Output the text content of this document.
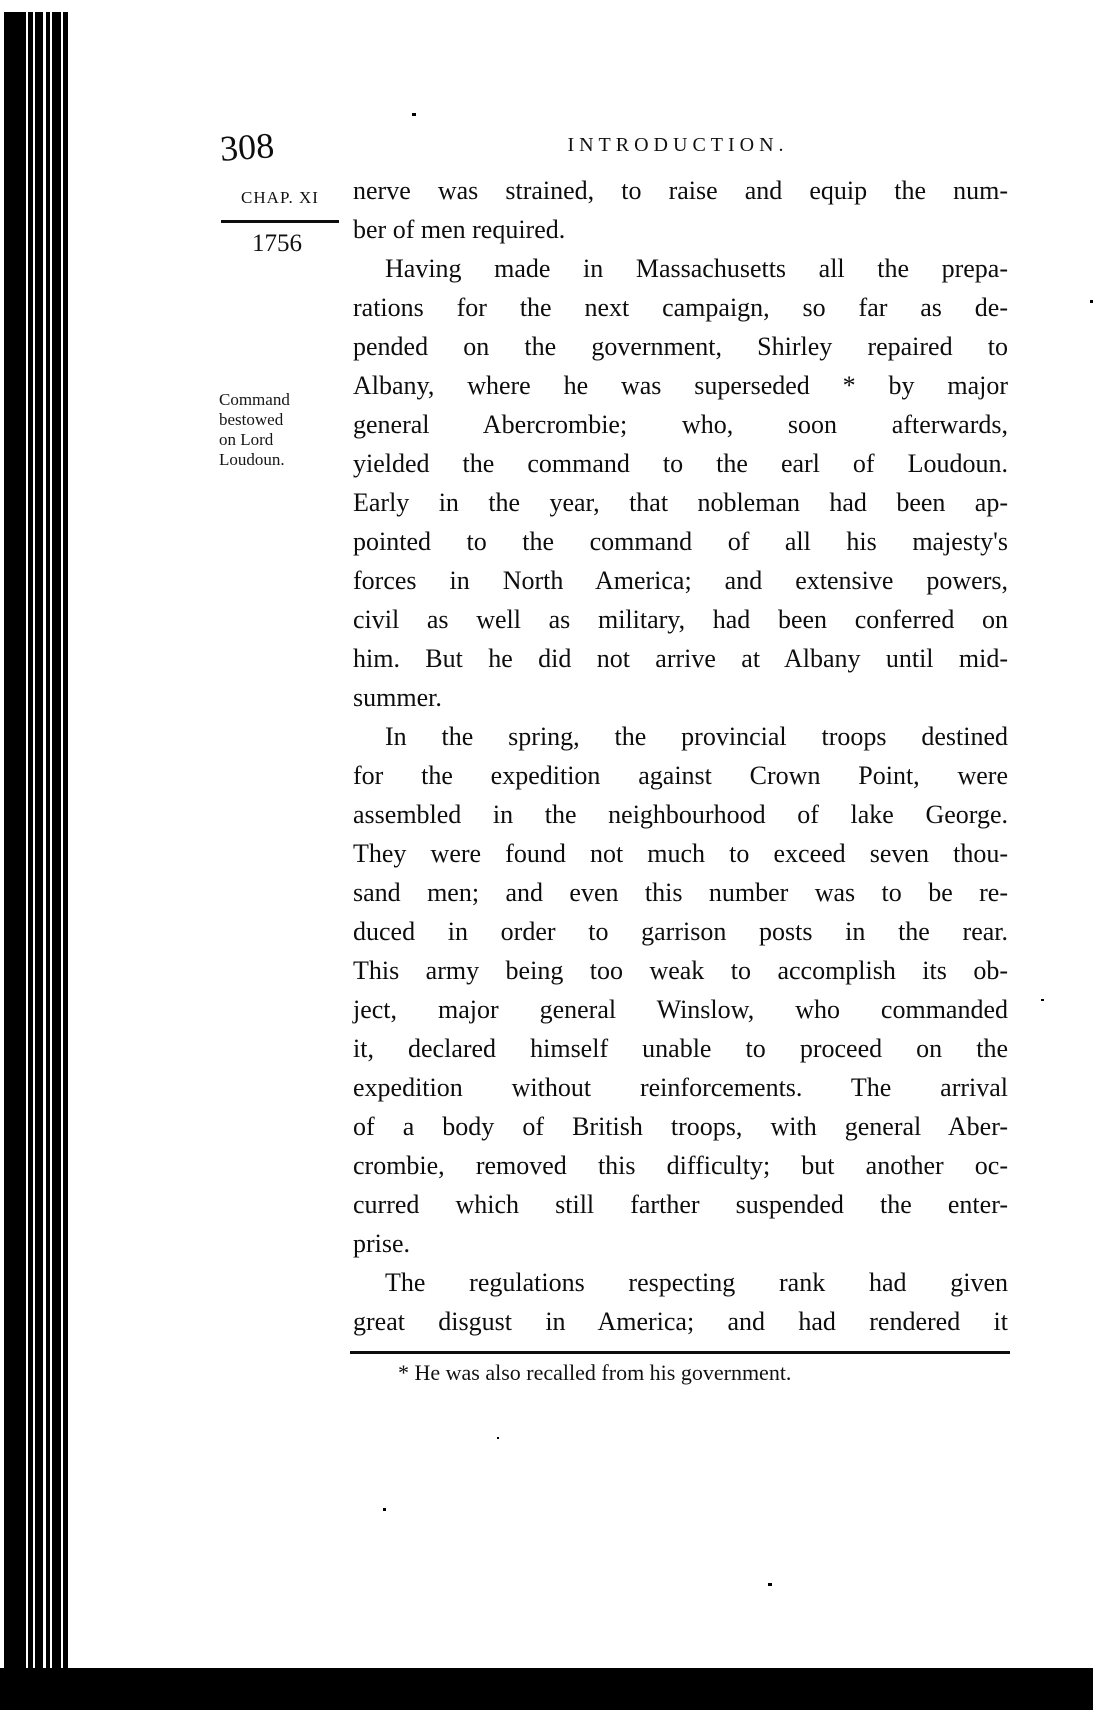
308	INTRODUCTION.
CHAP. XI
1756
Command
bestowed
on Lord
Loudoun.
nerve was strained, to raise and equip the num-
ber of men required.
Having made in Massachusetts all the prepa-
rations for the next campaign, so far as de-
pended on the government, Shirley repaired to
Albany, where he was superseded * by major
general Abercrombie; who, soon afterwards,
yielded the command to the earl of Loudoun.
Early in the year, that nobleman had been ap-
pointed to the command of all his majesty's
forces in North America; and extensive powers,
civil as well as military, had been conferred on
him. But he did not arrive at Albany until mid-
summer.
In the spring, the provincial troops destined
for the expedition against Crown Point, were
assembled in the neighbourhood of lake George.
They were found not much to exceed seven thou-
sand men; and even this number was to be re-
duced in order to garrison posts in the rear.
This army being too weak to accomplish its ob-
ject, major general Winslow, who commanded
it, declared himself unable to proceed on the
expedition without reinforcements. The arrival
of a body of British troops, with general Aber-
crombie, removed this difficulty; but another oc-
curred which still farther suspended the enter-
prise.
The regulations respecting rank had given
great disgust in America; and had rendered it
* He was also recalled from his government.
